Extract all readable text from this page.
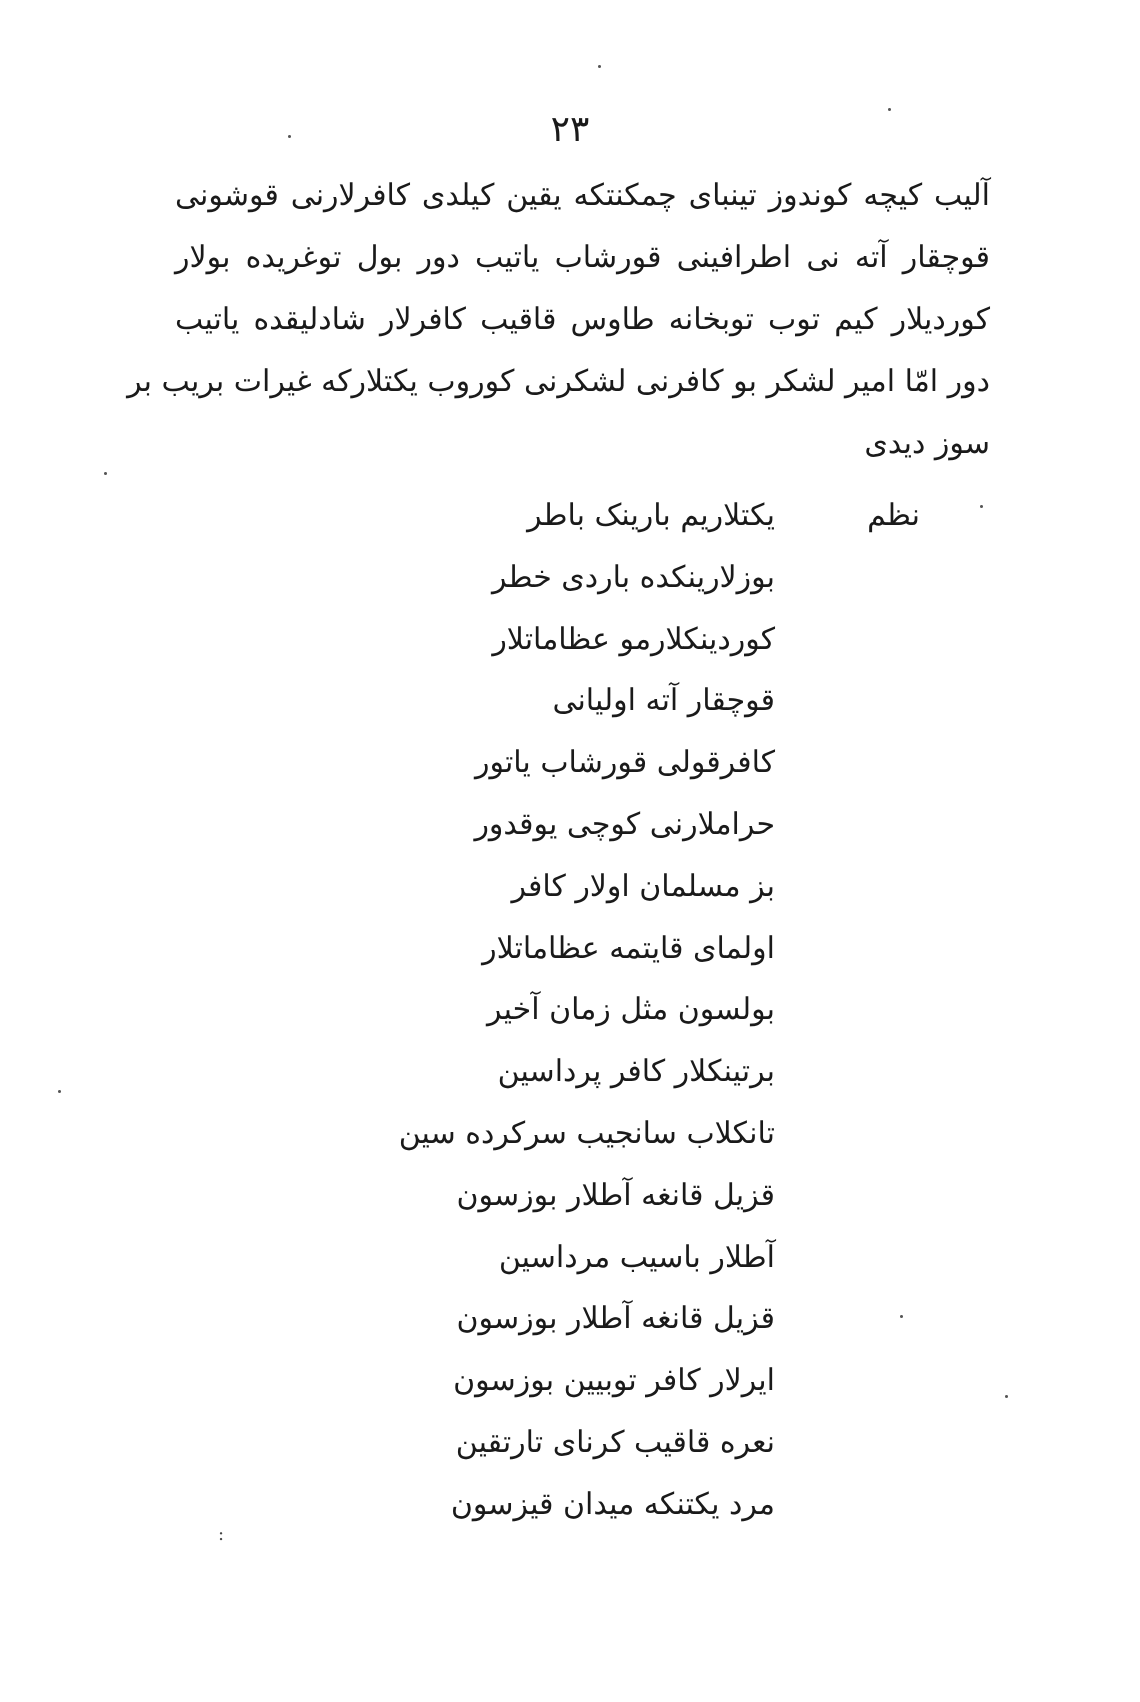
۲۳
آلیب کیچه کوندوز تینبای چمکنتکه یقین کیلدی کافرلارنی قوشونی
قوچقار آته نی اطرافینی قورشاب یاتیب دور بول توغریده بولار
کوردیلار کیم توب توبخانه طاوس قاقیب کافرلار شادلیقده یاتیب
دور امّا امیر لشکر بو کافرنی لشکرنی کوروب یکتلارکه غیرات بریب بر
سوز دیدی
نظم
یکتلاریم بارینک باطر
بوزلارینکده باردی خطر
کوردینکلارمو عظاماتلار
قوچقار آته اولیانی
کافرقولی قورشاب یاتور
حراملارنی کوچی یوقدور
بز مسلمان اولار کافر
اولمای قایتمه عظاماتلار
بولسون مثل زمان آخیر
برتینکلار کافر پرداسین
تانکلاب سانجیب سرکرده سین
قزیل قانغه آطلار بوزسون
آطلار باسیب مرداسین
قزیل قانغه آطلار بوزسون
ایرلار کافر توبیین بوزسون
نعره قاقیب کرنای تارتقین
مرد یکتنکه میدان قیزسون
:
